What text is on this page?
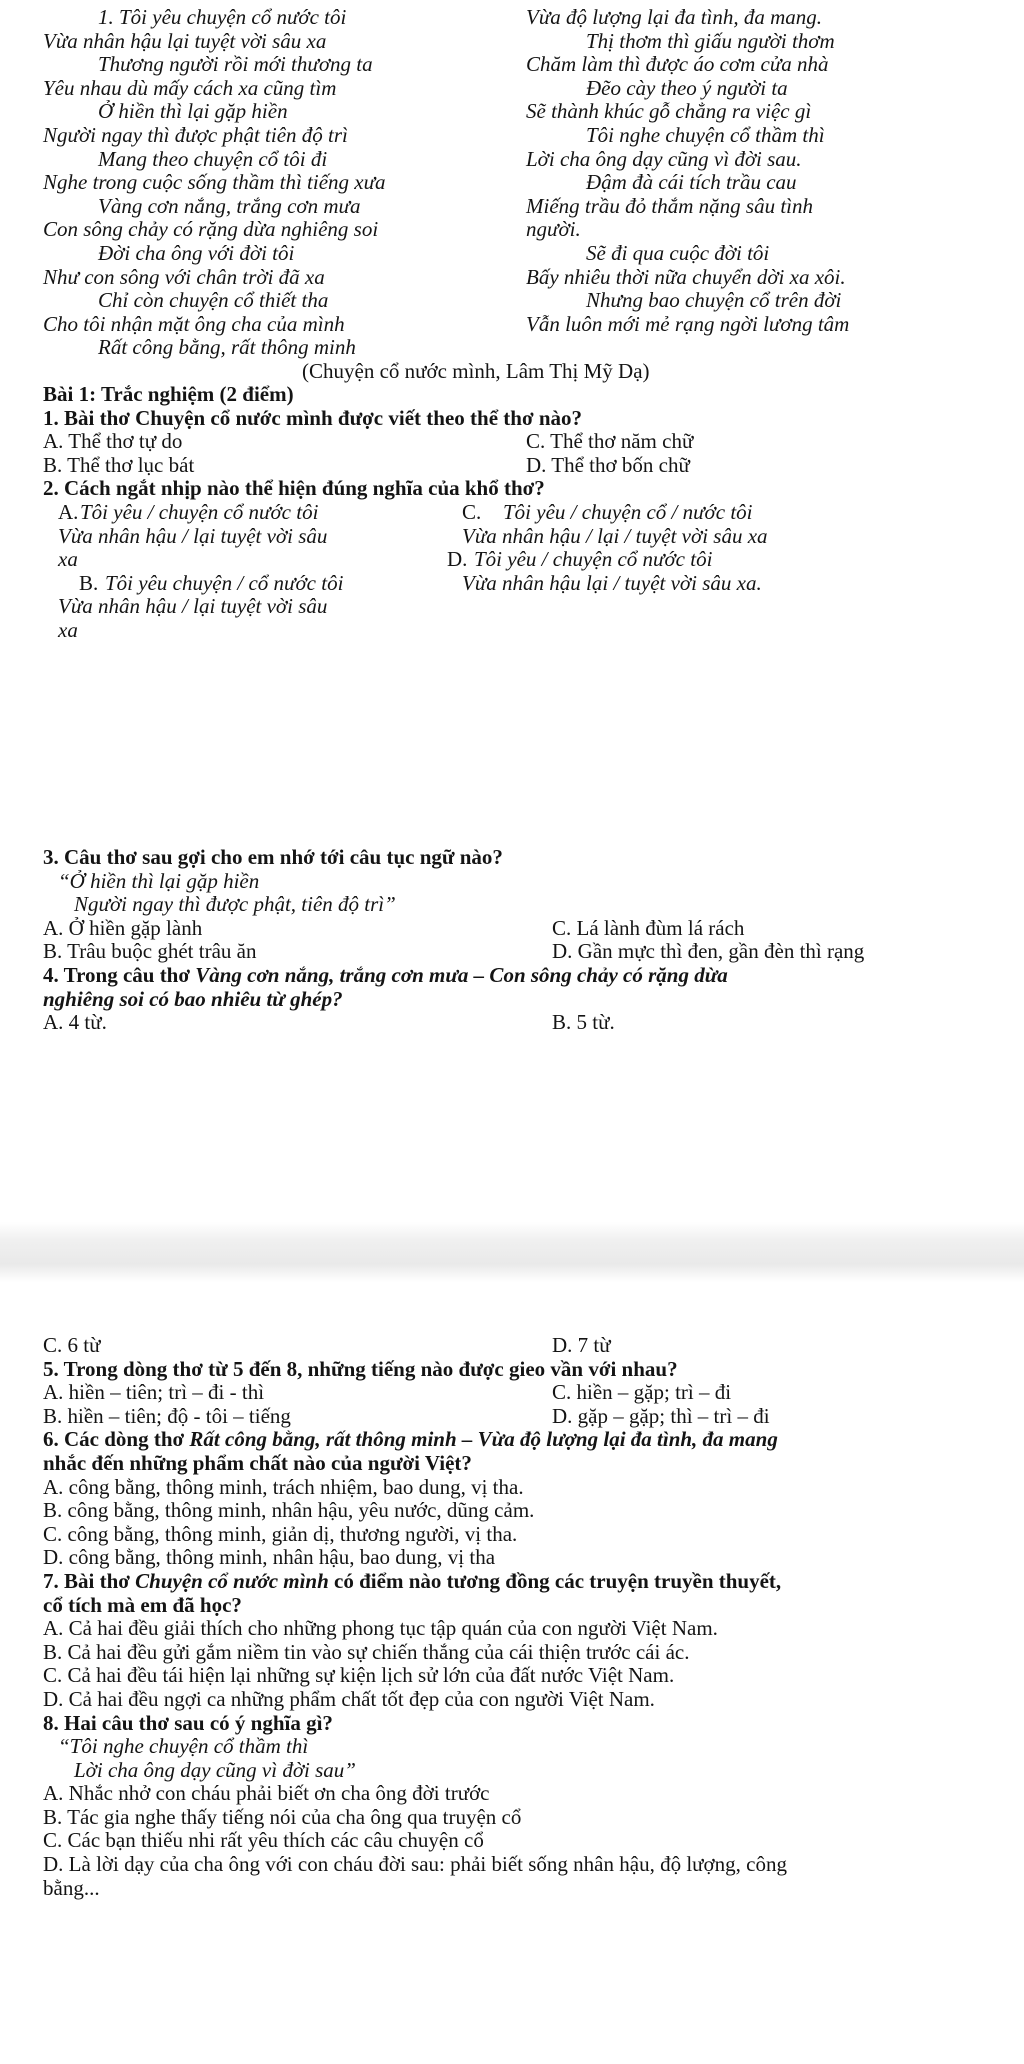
1. Tôi yêu chuyện cổ nước tôi	Vừa độ lượng lại đa tình, đa mang.
Vừa nhân hậu lại tuyệt vời sâu xa	Thị thơm thì giấu người thơm
Thương người rồi mới thương ta	Chăm làm thì được áo cơm cửa nhà
Yêu nhau dù mấy cách xa cũng tìm	Đẽo cày theo ý người ta
Ở hiền thì lại gặp hiền	Sẽ thành khúc gỗ chẳng ra việc gì
Người ngay thì được phật tiên độ trì	Tôi nghe chuyện cổ thầm thì
Mang theo chuyện cổ tôi đi	Lời cha ông dạy cũng vì đời sau.
Nghe trong cuộc sống thầm thì tiếng xưa	Đậm đà cái tích trầu cau
Vàng cơn nắng, trắng cơn mưa	Miếng trầu đỏ thắm nặng sâu tình
Con sông chảy có rặng dừa nghiêng soi	người.
Đời cha ông với đời tôi	Sẽ đi qua cuộc đời tôi
Như con sông với chân trời đã xa	Bấy nhiêu thời nữa chuyển dời xa xôi.
Chỉ còn chuyện cổ thiết tha	Nhưng bao chuyện cổ trên đời
Cho tôi nhận mặt ông cha của mình	Vẫn luôn mới mẻ rạng ngời lương tâm
Rất công bằng, rất thông minh
(Chuyện cổ nước mình, Lâm Thị Mỹ Dạ)
Bài 1: Trắc nghiệm (2 điểm)
1. Bài thơ Chuyện cổ nước mình được viết theo thể thơ nào?
A. Thể thơ tự do	C. Thể thơ năm chữ
B. Thể thơ lục bát	D. Thể thơ bốn chữ
2. Cách ngắt nhịp nào thể hiện đúng nghĩa của khổ thơ?
A. Tôi yêu / chuyện cổ nước tôi	C. Tôi yêu / chuyện cổ / nước tôi
Vừa nhân hậu / lại tuyệt vời sâu	Vừa nhân hậu / lại / tuyệt vời sâu xa
xa	D. Tôi yêu / chuyện cổ nước tôi
B. Tôi yêu chuyện / cổ nước tôi	Vừa nhân hậu lại / tuyệt vời sâu xa.
Vừa nhân hậu / lại tuyệt vời sâu
xa
3. Câu thơ sau gợi cho em nhớ tới câu tục ngữ nào?
“Ở hiền thì lại gặp hiền
Người ngay thì được phật, tiên độ trì”
A. Ở hiền gặp lành	C. Lá lành đùm lá rách
B. Trâu buộc ghét trâu ăn	D. Gần mực thì đen, gần đèn thì rạng
4. Trong câu thơ Vàng cơn nắng, trắng cơn mưa – Con sông chảy có rặng dừa
nghiêng soi có bao nhiêu từ ghép?
A. 4 từ.	B. 5 từ.
C. 6 từ	D. 7 từ
5. Trong dòng thơ từ 5 đến 8, những tiếng nào được gieo vần với nhau?
A. hiền – tiên; trì – đi - thì	C. hiền – gặp; trì – đi
B. hiền – tiên; độ - tôi – tiếng	D. gặp – gặp; thì – trì – đi
6. Các dòng thơ Rất công bằng, rất thông minh – Vừa độ lượng lại đa tình, đa mang
nhắc đến những phẩm chất nào của người Việt?
A. công bằng, thông minh, trách nhiệm, bao dung, vị tha.
B. công bằng, thông minh, nhân hậu, yêu nước, dũng cảm.
C. công bằng, thông minh, giản dị, thương người, vị tha.
D. công bằng, thông minh, nhân hậu, bao dung, vị tha
7. Bài thơ Chuyện cổ nước mình có điểm nào tương đồng các truyện truyền thuyết,
cổ tích mà em đã học?
A. Cả hai đều giải thích cho những phong tục tập quán của con người Việt Nam.
B. Cả hai đều gửi gắm niềm tin vào sự chiến thắng của cái thiện trước cái ác.
C. Cả hai đều tái hiện lại những sự kiện lịch sử lớn của đất nước Việt Nam.
D. Cả hai đều ngợi ca những phẩm chất tốt đẹp của con người Việt Nam.
8. Hai câu thơ sau có ý nghĩa gì?
“Tôi nghe chuyện cổ thầm thì
Lời cha ông dạy cũng vì đời sau”
A. Nhắc nhở con cháu phải biết ơn cha ông đời trước
B. Tác gia nghe thấy tiếng nói của cha ông qua truyện cổ
C. Các bạn thiếu nhi rất yêu thích các câu chuyện cổ
D. Là lời dạy của cha ông với con cháu đời sau: phải biết sống nhân hậu, độ lượng, công
bằng...
